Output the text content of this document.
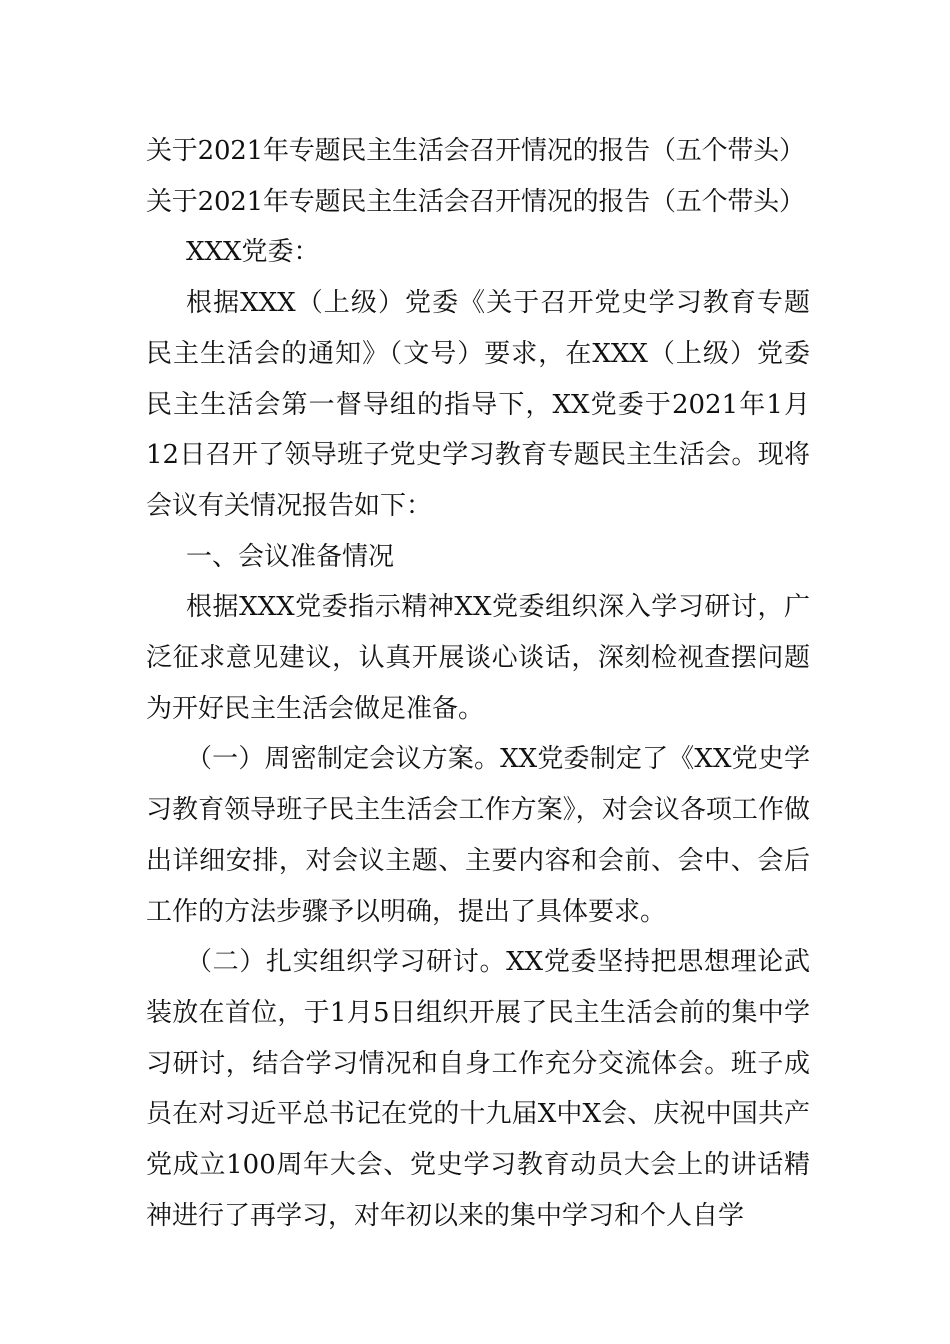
关于2021年专题民主生活会召开情况的报告（五个带头）

关于2021年专题民主生活会召开情况的报告（五个带头）

XXX党委：

根据XXX（上级）党委《关于召开党史学习教育专题民主生活会的通知》（文号）要求，在XXX（上级）党委民主生活会第一督导组的指导下，XX党委于2021年1月12日召开了领导班子党史学习教育专题民主生活会。现将会议有关情况报告如下：

一、会议准备情况

根据XXX党委指示精神XX党委组织深入学习研讨，广泛征求意见建议，认真开展谈心谈话，深刻检视查摆问题为开好民主生活会做足准备。

（一）周密制定会议方案。XX党委制定了《XX党史学习教育领导班子民主生活会工作方案》，对会议各项工作做出详细安排，对会议主题、主要内容和会前、会中、会后工作的方法步骤予以明确，提出了具体要求。

（二）扎实组织学习研讨。XX党委坚持把思想理论武装放在首位，于1月5日组织开展了民主生活会前的集中学习研讨，结合学习情况和自身工作充分交流体会。班子成员在对习近平总书记在党的十九届X中X会、庆祝中国共产党成立100周年大会、党史学习教育动员大会上的讲话精神进行了再学习，对年初以来的集中学习和个人自学
